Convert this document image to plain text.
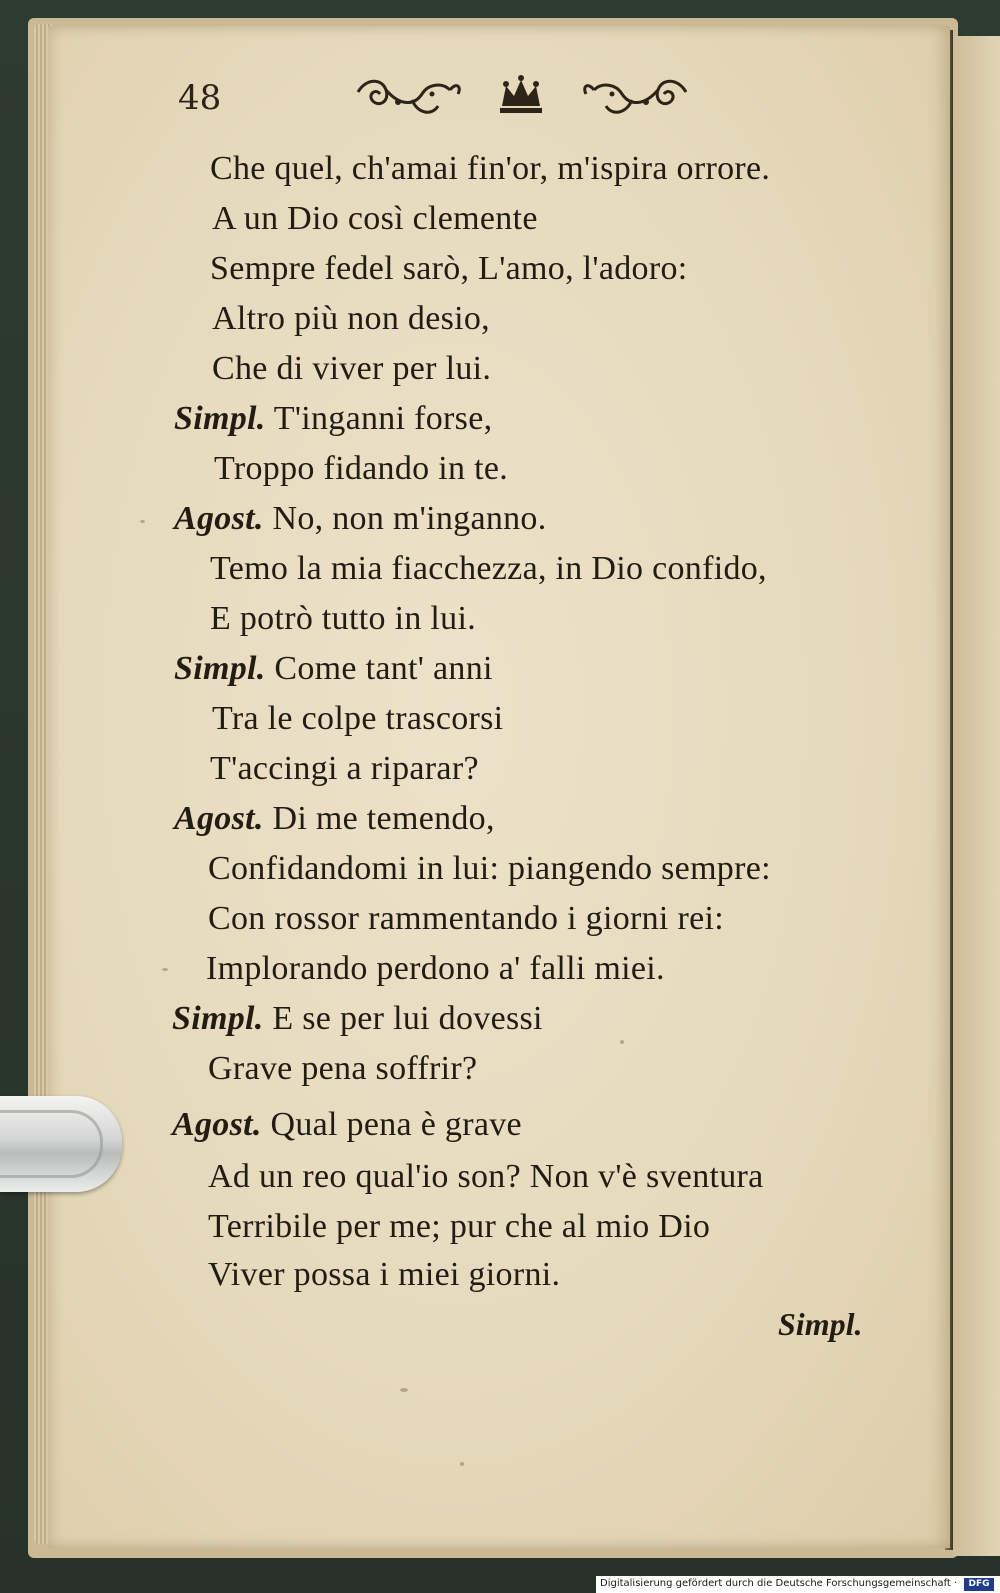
48
Che quel, ch'amai fin'or, m'ispira orrore.
A un Dio così clemente
Sempre fedel sarò, L'amo, l'adoro:
Altro più non desio,
Che di viver per lui.
Simpl. T'inganni forse,
Troppo fidando in te.
Agost. No, non m'inganno.
Temo la mia fiacchezza, in Dio confido,
E potrò tutto in lui.
Simpl. Come tant' anni
Tra le colpe trascorsi
T'accingi a riparar?
Agost. Di me temendo,
Confidandomi in lui: piangendo sempre:
Con rossor rammentando i giorni rei:
Implorando perdono a' falli miei.
Simpl. E se per lui dovessi
Grave pena soffrir?
Agost. Qual pena è grave
Ad un reo qual'io son? Non v'è sventura
Terribile per me; pur che al mio Dio
Viver possa i miei giorni.
Simpl.
Digitalisierung gefördert durch die Deutsche Forschungsgemeinschaft ·	DFG
